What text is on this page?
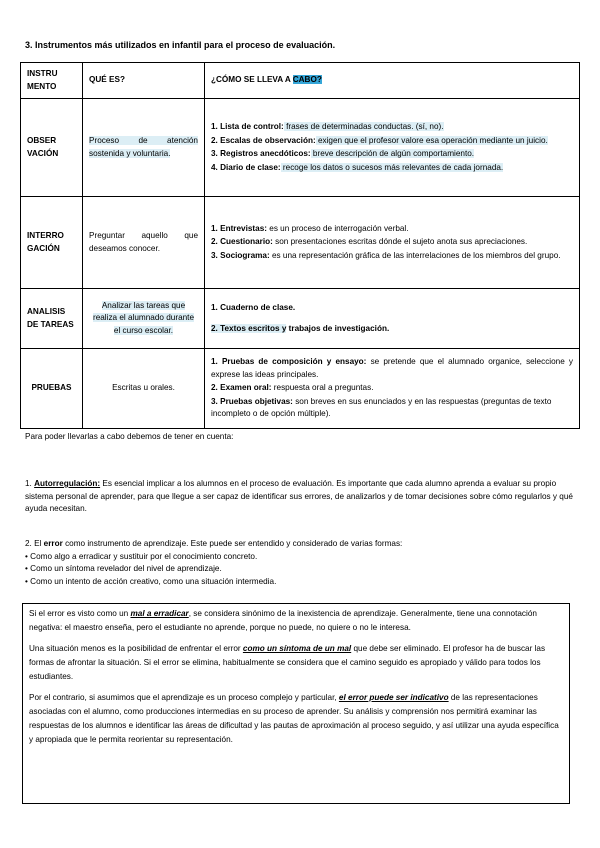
3. Instrumentos más utilizados en infantil para el proceso de evaluación.
INSTRU MENTO	QUÉ ES?	¿CÓMO SE LLEVA A CABO?
OBSER VACIÓN	Proceso de atención sostenida y voluntaria.	1. Lista de control: frases de determinadas conductas. (sí, no).

2. Escalas de observación: exigen que el profesor valore esa operación mediante un juicio.

3. Registros anecdóticos: breve descripción de algún comportamiento.

4. Diario de clase: recoge los datos o sucesos más relevantes de cada jornada.

INTERRO GACIÓN	Preguntar aquello que deseamos conocer.	1. Entrevistas: es un proceso de interrogación verbal.

2. Cuestionario: son presentaciones escritas dónde el sujeto anota sus apreciaciones.

3. Sociograma: es una representación gráfica de las interrelaciones de los miembros del grupo.

ANALISIS DE TAREAS	Analizar las tareas que realiza el alumnado durante el curso escolar.	1. Cuaderno de clase.

2. Textos escritos y trabajos de investigación.

PRUEBAS	Escritas u orales.	1. Pruebas de composición y ensayo: se pretende que el alumnado organice, seleccione y exprese las ideas principales.

2. Examen oral: respuesta oral a preguntas.

3. Pruebas objetivas: son breves en sus enunciados y en las respuestas (preguntas de texto incompleto o de opción múltiple).

Para poder llevarlas a cabo debemos de tener en cuenta:
1. Autorregulación: Es esencial implicar a los alumnos en el proceso de evaluación. Es importante que cada alumno aprenda a evaluar su propio sistema personal de aprender, para que llegue a ser capaz de identificar sus errores, de analizarlos y de tomar decisiones sobre cómo regularlos y qué ayuda necesitan.

2. El error como instrumento de aprendizaje. Este puede ser entendido y considerado de varias formas:

• Como algo a erradicar y sustituir por el conocimiento concreto.

• Como un síntoma revelador del nivel de aprendizaje.

• Como un intento de acción creativo, como una situación intermedia.

Si el error es visto como un mal a erradicar, se considera sinónimo de la inexistencia de aprendizaje. Generalmente, tiene una connotación negativa: el maestro enseña, pero el estudiante no aprende, porque no puede, no quiere o no le interesa.

Una situación menos es la posibilidad de enfrentar el error como un síntoma de un mal que debe ser eliminado. El profesor ha de buscar las formas de afrontar la situación. Si el error se elimina, habitualmente se considera que el camino seguido es apropiado y válido para todos los estudiantes.

Por el contrario, si asumimos que el aprendizaje es un proceso complejo y particular, el error puede ser indicativo de las representaciones asociadas con el alumno, como producciones intermedias en su proceso de aprender. Su análisis y comprensión nos permitirá examinar las respuestas de los alumnos e identificar las áreas de dificultad y las pautas de aproximación al proceso seguido, y así utilizar una ayuda específica y apropiada que le permita reorientar su representación.
